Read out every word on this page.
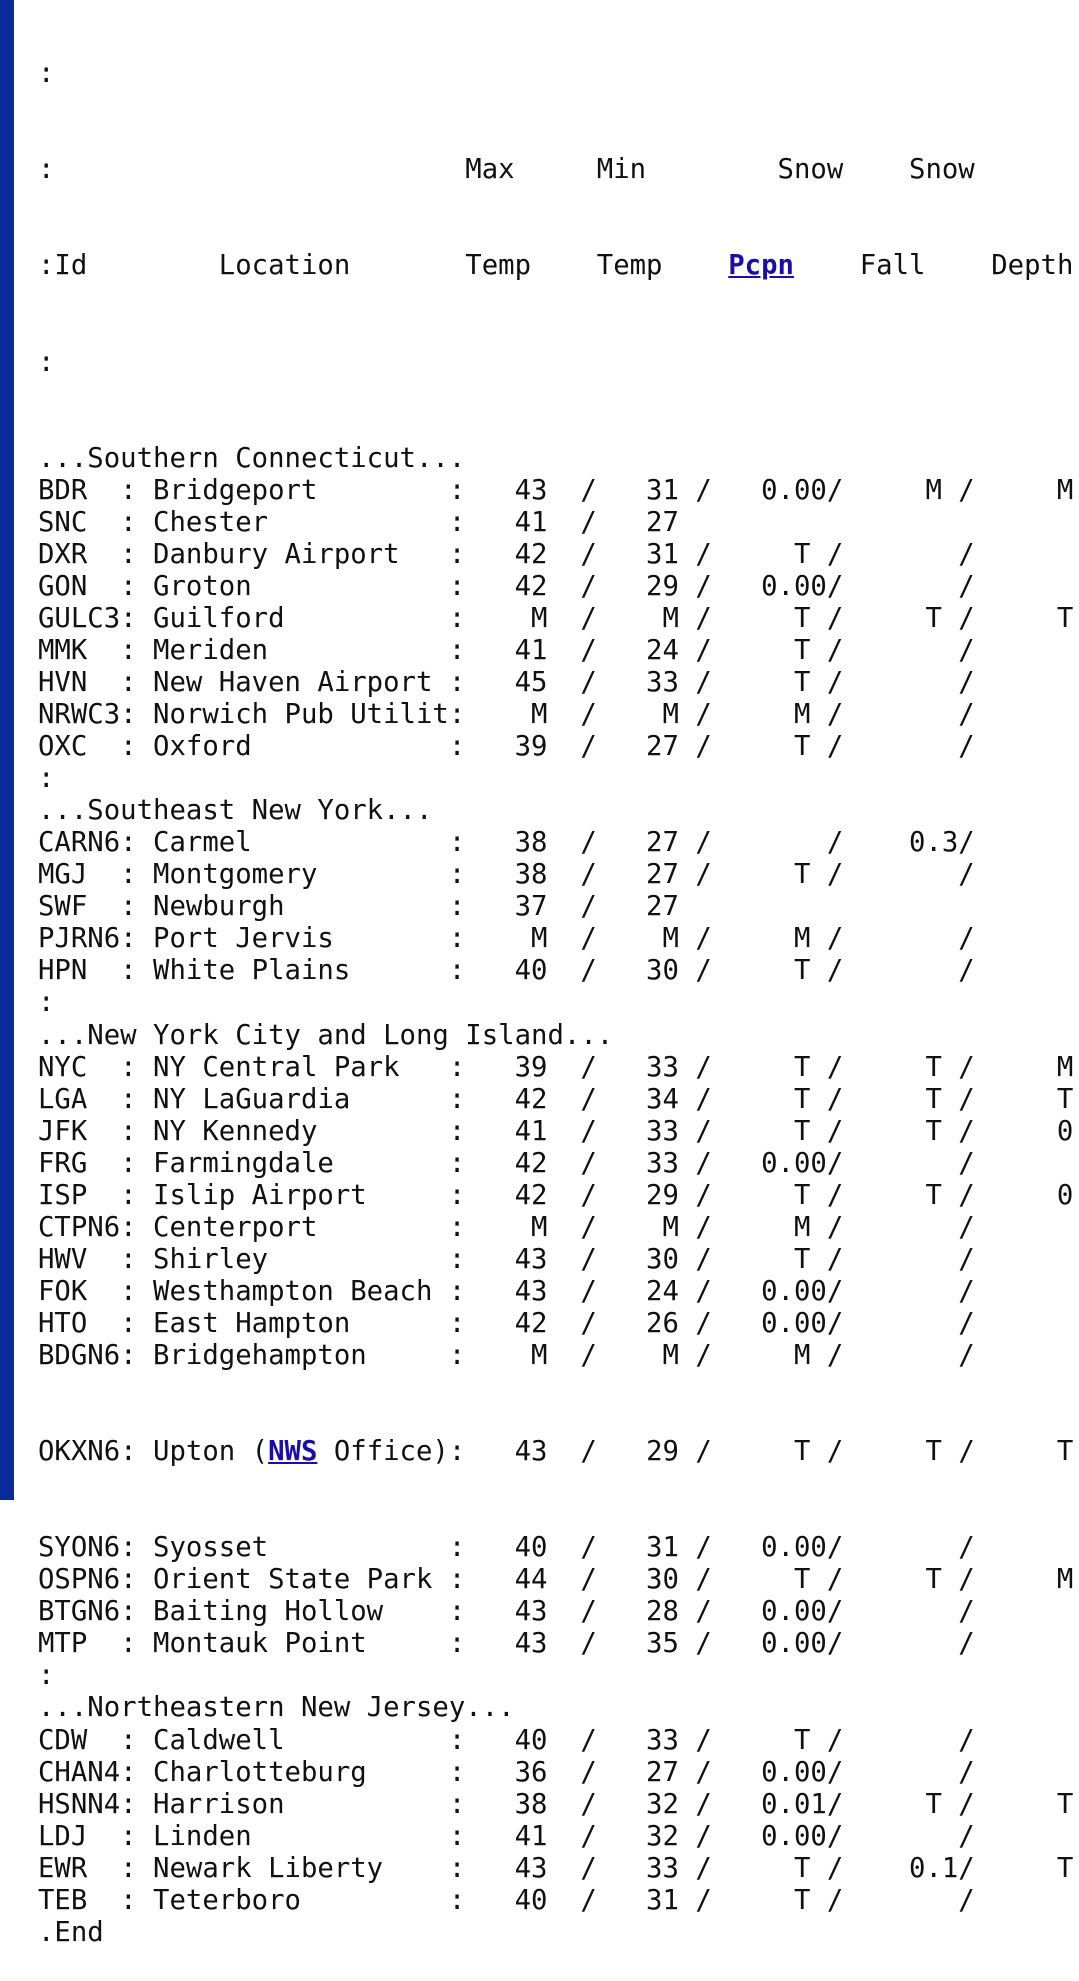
:

:                         Max     Min        Snow    Snow

:Id        Location       Temp    Temp Pcpn    Fall    Depth

:

...Southern Connecticut...
BDR  : Bridgeport        :   43  /   31 /   0.00/     M /     M
SNC  : Chester           :   41  /   27
DXR  : Danbury Airport   :   42  /   31 /     T /       /
GON  : Groton            :   42  /   29 /   0.00/       /
GULC3: Guilford          :    M  /    M /     T /     T /     T
MMK  : Meriden           :   41  /   24 /     T /       /
HVN  : New Haven Airport :   45  /   33 /     T /       /
NRWC3: Norwich Pub Utilit:    M  /    M /     M /       /
OXC  : Oxford            :   39  /   27 /     T /       /
:
...Southeast New York...
CARN6: Carmel            :   38  /   27 /       /    0.3/
MGJ  : Montgomery        :   38  /   27 /     T /       /
SWF  : Newburgh          :   37  /   27
PJRN6: Port Jervis       :    M  /    M /     M /       /
HPN  : White Plains      :   40  /   30 /     T /       /
:
...New York City and Long Island...
NYC  : NY Central Park   :   39  /   33 /     T /     T /     M
LGA  : NY LaGuardia      :   42  /   34 /     T /     T /     T
JFK  : NY Kennedy        :   41  /   33 /     T /     T /     0
FRG  : Farmingdale       :   42  /   33 /   0.00/       /
ISP  : Islip Airport     :   42  /   29 /     T /     T /     0
CTPN6: Centerport        :    M  /    M /     M /       /
HWV  : Shirley           :   43  /   30 /     T /       /
FOK  : Westhampton Beach :   43  /   24 /   0.00/       /
HTO  : East Hampton      :   42  /   26 /   0.00/       /
BDGN6: Bridgehampton     :    M  /    M /     M /       /

OKXN6: Upton (NWS Office):   43  /   29 /     T /     T /     T

SYON6: Syosset           :   40  /   31 /   0.00/       /
OSPN6: Orient State Park :   44  /   30 /     T /     T /     M
BTGN6: Baiting Hollow    :   43  /   28 /   0.00/       /
MTP  : Montauk Point     :   43  /   35 /   0.00/       /
:
...Northeastern New Jersey...
CDW  : Caldwell          :   40  /   33 /     T /       /
CHAN4: Charlotteburg     :   36  /   27 /   0.00/       /
HSNN4: Harrison          :   38  /   32 /   0.01/     T /     T
LDJ  : Linden            :   41  /   32 /   0.00/       /
EWR  : Newark Liberty    :   43  /   33 /     T /    0.1/     T
TEB  : Teterboro         :   40  /   31 /     T /       /
.End
